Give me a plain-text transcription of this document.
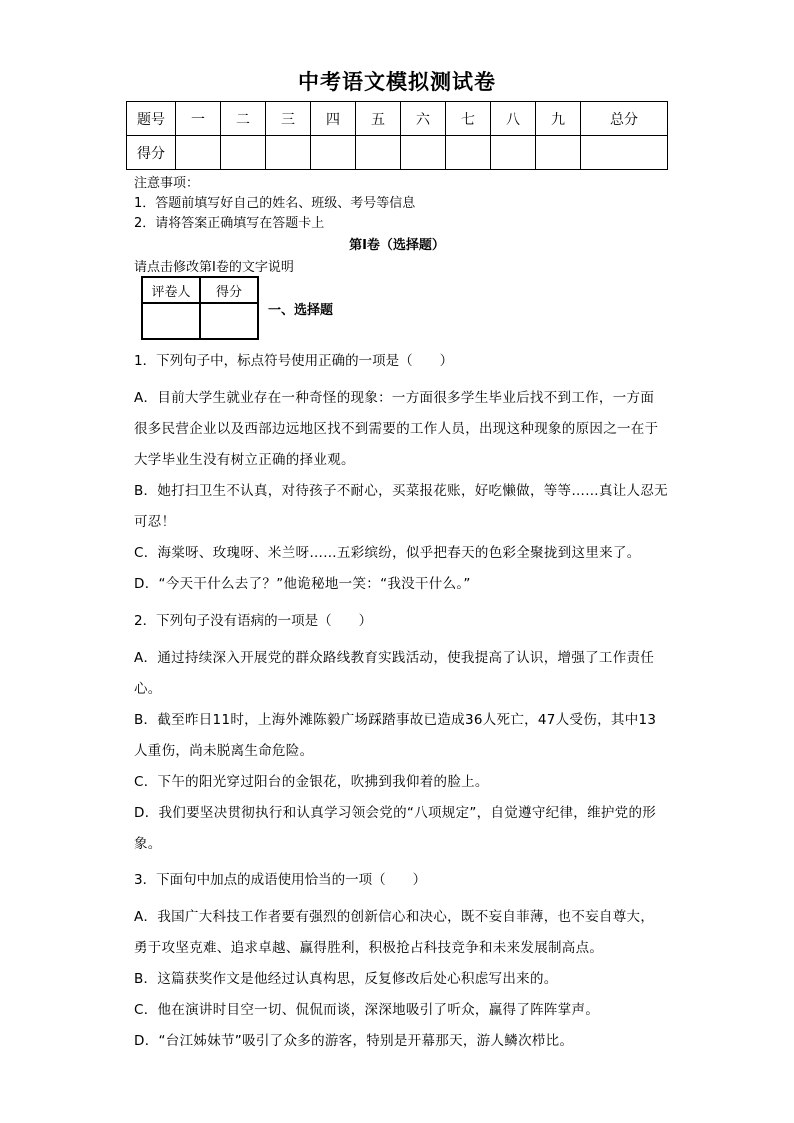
中考语文模拟测试卷
题号	一	二	三	四	五	六	七	八	九	总分
得分										
注意事项：
1．答题前填写好自己的姓名、班级、考号等信息
2．请将答案正确填写在答题卡上
第I卷（选择题）
请点击修改第I卷的文字说明
评卷人	得分

一、选择题
1．下列句子中，标点符号使用正确的一项是（　　）
A．目前大学生就业存在一种奇怪的现象：一方面很多学生毕业后找不到工作，一方面
很多民营企业以及西部边远地区找不到需要的工作人员，出现这种现象的原因之一在于
大学毕业生没有树立正确的择业观。
B．她打扫卫生不认真，对待孩子不耐心，买菜报花账，好吃懒做，等等……真让人忍无
可忍！
C．海棠呀、玫瑰呀、米兰呀……五彩缤纷，似乎把春天的色彩全聚拢到这里来了。
D．“今天干什么去了？”他诡秘地一笑：“我没干什么。”
2．下列句子没有语病的一项是（　　）
A．通过持续深入开展党的群众路线教育实践活动，使我提高了认识，增强了工作责任
心。
B．截至昨日11时，上海外滩陈毅广场踩踏事故已造成36人死亡，47人受伤，其中13
人重伤，尚未脱离生命危险。
C．下午的阳光穿过阳台的金银花，吹拂到我仰着的脸上。
D．我们要坚决贯彻执行和认真学习领会党的“八项规定”，自觉遵守纪律，维护党的形
象。
3．下面句中加点的成语使用恰当的一项（　　）
A．我国广大科技工作者要有强烈的创新信心和决心，既不妄自菲薄，也不妄自尊大，
勇于攻坚克难、追求卓越、赢得胜利，积极抢占科技竞争和未来发展制高点。
B．这篇获奖作文是他经过认真构思，反复修改后处心积虑写出来的。
C．他在演讲时目空一切、侃侃而谈，深深地吸引了听众，赢得了阵阵掌声。
D．“台江姊妹节”吸引了众多的游客，特别是开幕那天，游人鳞次栉比。
